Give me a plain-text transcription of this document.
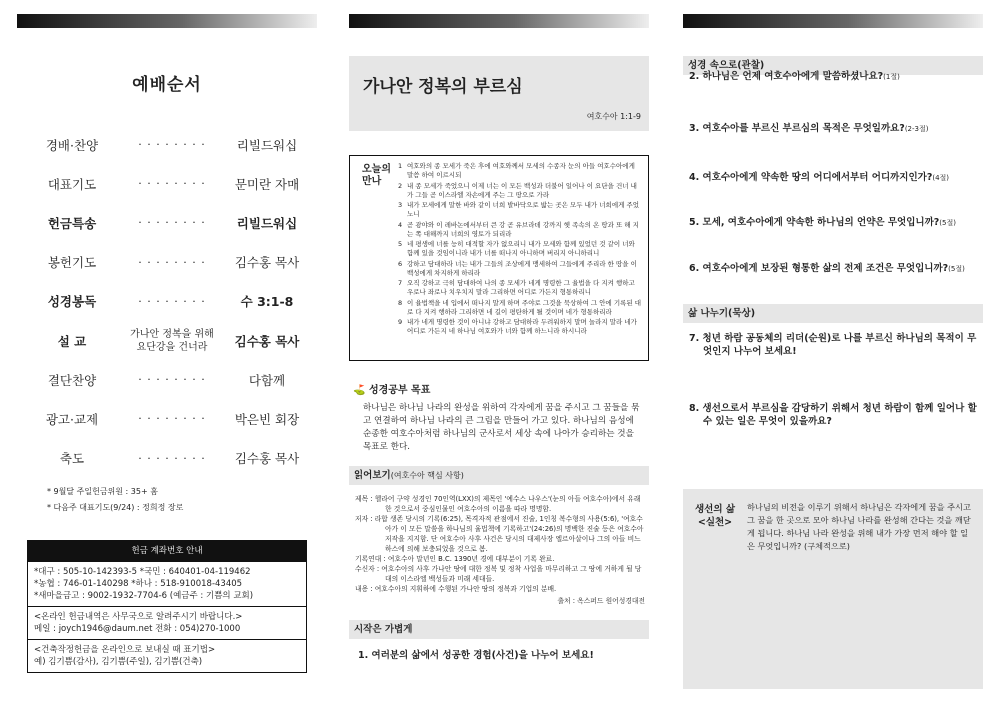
예배순서
경배·찬양	· · · · · · · ·	리빌드워십
대표기도	· · · · · · · ·	문미란 자매
헌금특송	· · · · · · · ·	리빌드워십
봉헌기도	· · · · · · · ·	김수홍 목사
성경봉독	· · · · · · · ·	수 3:1-8
설 교	가나안 정복을 위해 요단강을 건너라	김수홍 목사
결단찬양	· · · · · · · ·	다함께
광고·교제	· · · · · · · ·	박은빈 회장
축도	· · · · · · · ·	김수홍 목사
* 9월달 주일헌금위원 : 35+ 홈
* 다음주 대표기도(9/24) : 정희정 장로
헌금 계좌번호 안내
*대구 : 505-10-142393-5 *국민 : 640401-04-119462
*농협 : 746-01-140298 *하나 : 518-910018-43405
*새마을금고 : 9002-1932-7704-6 (예금주 : 기쁨의 교회)
<온라인 헌금내역은 사무국으로 알려주시기 바랍니다.>
메일 : joych1946@daum.net 전화 : 054)270-1000
<건축작정헌금을 온라인으로 보내실 때 표기법>
예) 김기쁨(감사), 김기쁨(주일), 김기쁨(건축)
가나안 정복의 부르심
여호수아 1:1-9
오늘의
만나
1 여호와의 종 모세가 죽은 후에 여호와께서 모세의 수종자 눈의 아들 여호수아에게 말씀 하여 이르시되
2 내 종 모세가 죽었으니 이제 너는 이 모든 백성과 더불어 일어나 이 요단을 건너 내가 그들 곧 이스라엘 자손에게 주는 그 땅으로 가라
3 내가 모세에게 말한 바와 같이 너희 발바닥으로 밟는 곳은 모두 내가 너희에게 주었노니
4 곧 광야와 이 레바논에서부터 큰 강 곧 유브라데 강까지 헷 족속의 온 땅과 또 해 지는 쪽 대해까지 너희의 영토가 되리라
5 네 평생에 너를 능히 대적할 자가 없으리니 내가 모세와 함께 있었던 것 같이 너와 함께 있을 것임이니라 내가 너를 떠나지 아니하며 버리지 아니하리니
6 강하고 담대하라 너는 내가 그들의 조상에게 맹세하여 그들에게 주리라 한 땅을 이 백성에게 차지하게 하리라
7 오직 강하고 극히 담대하여 나의 종 모세가 네게 명령한 그 율법을 다 지켜 행하고 우로나 좌로나 치우치지 말라 그리하면 어디로 가든지 형통하리니
8 이 율법책을 네 입에서 떠나지 말게 하며 주야로 그것을 묵상하여 그 안에 기록된 대로 다 지켜 행하라 그리하면 네 길이 평탄하게 될 것이며 네가 형통하리라
9 내가 네게 명령한 것이 아니냐 강하고 담대하라 두려워하지 말며 놀라지 말라 네가 어디로 가든지 네 하나님 여호와가 너와 함께 하느니라 하시니라
⛳ 성경공부 목표
하나님은 하나님 나라의 완성을 위하여 각자에게 꿈을 주시고 그 꿈들을 묶고 연결하여 하나님 나라의 큰 그림을 만들어 가고 있다. 하나님의 음성에 순종한 여호수아처럼 하나님의 군사로서 세상 속에 나아가 승리하는 것을 목표로 한다.
읽어보기(여호수아 핵심 사항)

제목 : 헬라어 구약 성경인 70인역(LXX)의 제목인 '예수스 나우스'(눈의 아들 여호수아)에서 유래한 것으로서 중심인물인 여호수아의 이름을 따라 명명함.

저자 : 라합 생존 당시의 기록(6:25), 목격자적 관점에서 진술, 1인칭 복수형의 사용(5:6), '여호수아가 이 모든 말씀을 하나님의 율법책에 기록하고'(24:26)의 명백한 진술 등은 여호수아 저작을 지지함. 단 여호수아 사후 사건은 당시의 대제사장 엘르아살이나 그의 아들 비느하스에 의해 보충되었을 것으로 봄.

기록연대 : 여호수아 말년인 B.C. 1390년 경에 대부분이 기록 완료.

수신자 : 여호수아의 사후 가나안 땅에 대한 정복 및 정착 사업을 마무리하고 그 땅에 거하게 될 당대의 이스라엘 백성들과 미래 세대들.

내용 : 여호수아의 지휘하에 수행된 가나안 땅의 정복과 기업의 분배.

출처 : 옥스퍼드 원어성경대전

시작은 가볍게
1. 여러분의 삶에서 성공한 경험(사건)을 나누어 보세요!
성경 속으로(관찰)
2. 하나님은 언제 여호수아에게 말씀하셨나요?(1절)
3. 여호수아를 부르신 부르심의 목적은 무엇일까요?(2-3절)
4. 여호수아에게 약속한 땅의 어디에서부터 어디까지인가?(4절)
5. 모세, 여호수아에게 약속한 하나님의 언약은 무엇입니까?(5절)
6. 여호수아에게 보장된 형통한 삶의 전제 조건은 무엇입니까?(5절)
삶 나누기(묵상)
7. 청년 하람 공동체의 리더(순원)로 나를 부르신 하나님의 목적이 무엇인지 나누어 보세요!
8. 생선으로서 부르심을 감당하기 위해서 청년 하람이 함께 일어나 할 수 있는 일은 무엇이 있을까요?
생선의 삶
<실천>
하나님의 비전을 이루기 위해서 하나님은 각자에게 꿈을 주시고 그 꿈을 한 곳으로 모아 하나님 나라를 완성해 간다는 것을 깨닫게 됩니다. 하나님 나라 완성을 위해 내가 가장 먼저 해야 할 일은 무엇입니까? (구체적으로)
